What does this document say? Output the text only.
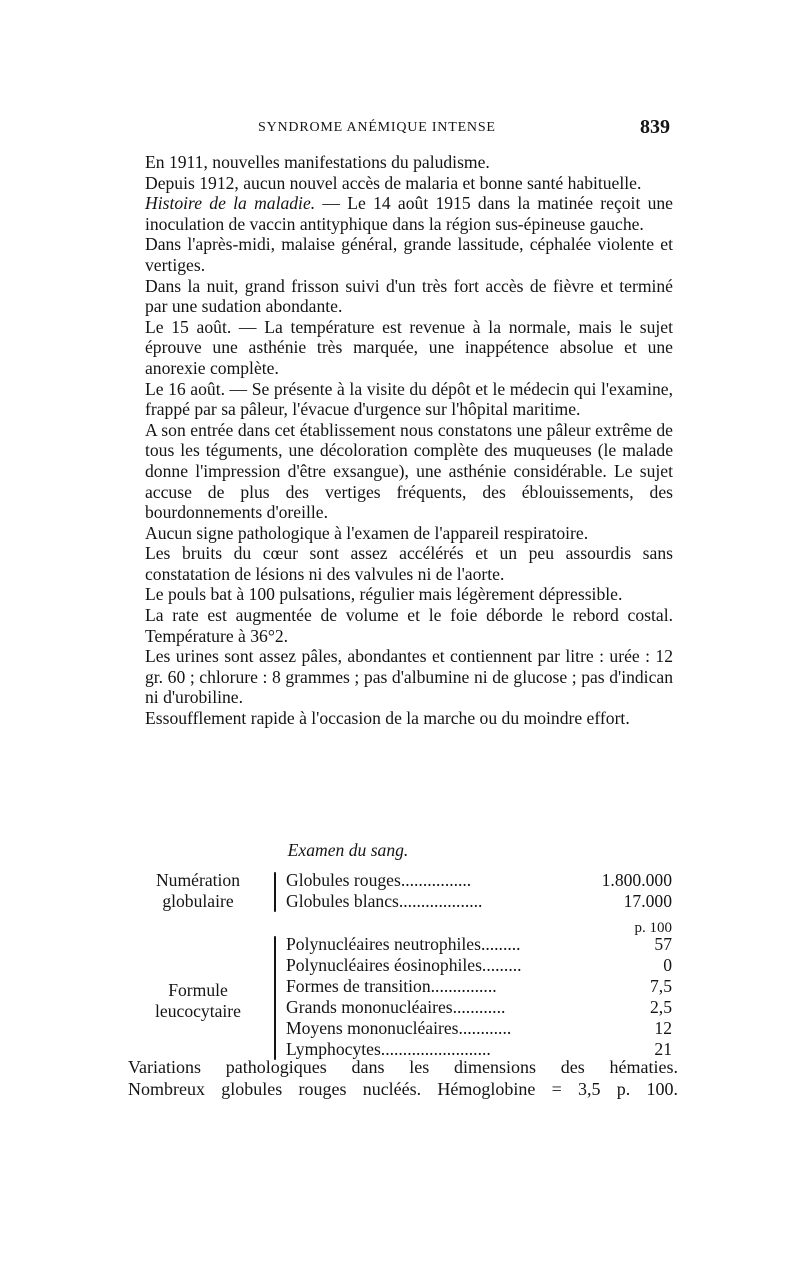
SYNDROME ANÉMIQUE INTENSE	839

En 1911, nouvelles manifestations du paludisme.

Depuis 1912, aucun nouvel accès de malaria et bonne santé habituelle.

Histoire de la maladie. — Le 14 août 1915 dans la matinée reçoit une inoculation de vaccin antityphique dans la région sus-épineuse gauche.

Dans l'après-midi, malaise général, grande lassitude, céphalée violente et vertiges.

Dans la nuit, grand frisson suivi d'un très fort accès de fièvre et terminé par une sudation abondante.

Le 15 août. — La température est revenue à la normale, mais le sujet éprouve une asthénie très marquée, une inappétence absolue et une anorexie complète.

Le 16 août. — Se présente à la visite du dépôt et le médecin qui l'examine, frappé par sa pâleur, l'évacue d'urgence sur l'hôpital maritime.

A son entrée dans cet établissement nous constatons une pâleur extrême de tous les téguments, une décoloration complète des muqueuses (le malade donne l'impression d'être exsangue), une asthénie considérable. Le sujet accuse de plus des vertiges fréquents, des éblouissements, des bourdonnements d'oreille.

Aucun signe pathologique à l'examen de l'appareil respiratoire.

Les bruits du cœur sont assez accélérés et un peu assourdis sans constatation de lésions ni des valvules ni de l'aorte.

Le pouls bat à 100 pulsations, régulier mais légèrement dépressible.

La rate est augmentée de volume et le foie déborde le rebord costal. Température à 36°2.

Les urines sont assez pâles, abondantes et contiennent par litre : urée : 12 gr. 60 ; chlorure : 8 grammes ; pas d'albumine ni de glucose ; pas d'indican ni d'urobiline.

Essoufflement rapide à l'occasion de la marche ou du moindre effort.

Examen du sang.
Numération
globulaire
Globules rouges................	1.800.000
Globules blancs...................	17.000
p. 100
Formule
leucocytaire
Polynucléaires neutrophiles.........	57
Polynucléaires éosinophiles.........	0
Formes de transition...............	7,5
Grands mononucléaires............	2,5
Moyens mononucléaires............	12
Lymphocytes.........................	21

Variations pathologiques dans les dimensions des hématies.

Nombreux globules rouges nucléés. Hémoglobine = 3,5 p. 100.
